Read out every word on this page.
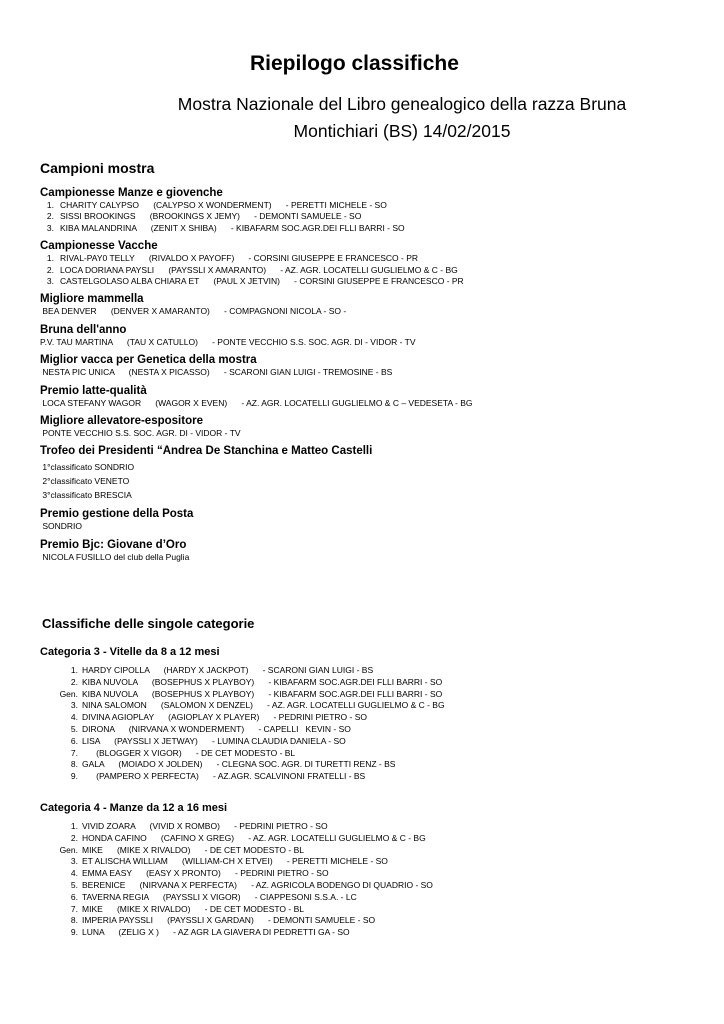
Riepilogo classifiche
Mostra Nazionale del Libro genealogico della razza Bruna
Montichiari (BS) 14/02/2015
Campioni mostra
Campionesse Manze e giovenche
1. CHARITY CALYPSO      (CALYPSO X WONDERMENT)      - PERETTI MICHELE - SO
2. SISSI BROOKINGS      (BROOKINGS X JEMY)      - DEMONTI SAMUELE - SO
3. KIBA MALANDRINA      (ZENIT X SHIBA)      - KIBAFARM SOC.AGR.DEI FLLI BARRI - SO
Campionesse Vacche
1. RIVAL-PAY0 TELLY      (RIVALDO X PAYOFF)      - CORSINI GIUSEPPE E FRANCESCO - PR
2. LOCA DORIANA PAYSLI      (PAYSSLI X AMARANTO)      - AZ. AGR. LOCATELLI GUGLIELMO & C - BG
3. CASTELGOLASO ALBA CHIARA ET      (PAUL X JETVIN)      - CORSINI GIUSEPPE E FRANCESCO - PR
Migliore mammella
BEA DENVER      (DENVER X AMARANTO)      - COMPAGNONI NICOLA - SO -
Bruna dell'anno
P.V. TAU MARTINA      (TAU X CATULLO)      - PONTE VECCHIO S.S. SOC. AGR. DI - VIDOR - TV
Miglior vacca per Genetica della mostra
NESTA PIC UNICA      (NESTA X PICASSO)      - SCARONI GIAN LUIGI - TREMOSINE - BS
Premio latte-qualità
LOCA STEFANY WAGOR      (WAGOR X EVEN)      - AZ. AGR. LOCATELLI GUGLIELMO & C – VEDESETA - BG
Migliore allevatore-espositore
PONTE VECCHIO S.S. SOC. AGR. DI - VIDOR - TV
Trofeo dei Presidenti “Andrea De Stanchina e Matteo Castelli
1°classificato SONDRIO
2°classificato VENETO
3°classificato BRESCIA
Premio gestione della Posta
SONDRIO
Premio Bjc: Giovane d’Oro
NICOLA FUSILLO del club della Puglia
Classifiche delle singole categorie
Categoria 3 - Vitelle da 8 a 12 mesi
1. HARDY CIPOLLA      (HARDY X JACKPOT)      - SCARONI GIAN LUIGI - BS
2. KIBA NUVOLA      (BOSEPHUS X PLAYBOY)      - KIBAFARM SOC.AGR.DEI FLLI BARRI - SO
Gen. KIBA NUVOLA      (BOSEPHUS X PLAYBOY)      - KIBAFARM SOC.AGR.DEI FLLI BARRI - SO
3. NINA SALOMON      (SALOMON X DENZEL)      - AZ. AGR. LOCATELLI GUGLIELMO & C - BG
4. DIVINA AGIOPLAY      (AGIOPLAY X PLAYER)      - PEDRINI PIETRO - SO
5. DIRONA      (NIRVANA X WONDERMENT)      - CAPELLI   KEVIN - SO
6. LISA      (PAYSSLI X JETWAY)      - LUMINA CLAUDIA DANIELA - SO
7.      (BLOGGER X VIGOR)      - DE CET MODESTO - BL
8. GALA      (MOIADO X JOLDEN)      - CLEGNA SOC. AGR. DI TURETTI RENZ - BS
9.      (PAMPERO X PERFECTA)      - AZ.AGR. SCALVINONI FRATELLI - BS
Categoria 4 - Manze da 12 a 16 mesi
1. VIVID ZOARA      (VIVID X ROMBO)      - PEDRINI PIETRO - SO
2. HONDA CAFINO      (CAFINO X GREG)      - AZ. AGR. LOCATELLI GUGLIELMO & C - BG
Gen. MIKE      (MIKE X RIVALDO)      - DE CET MODESTO - BL
3. ET ALISCHA WILLIAM      (WILLIAM-CH X ETVEI)      - PERETTI MICHELE - SO
4. EMMA EASY      (EASY X PRONTO)      - PEDRINI PIETRO - SO
5. BERENICE      (NIRVANA X PERFECTA)      - AZ. AGRICOLA BODENGO DI QUADRIO - SO
6. TAVERNA REGIA      (PAYSSLI X VIGOR)      - CIAPPESONI S.S.A. - LC
7. MIKE      (MIKE X RIVALDO)      - DE CET MODESTO - BL
8. IMPERIA PAYSSLI      (PAYSSLI X GARDAN)      - DEMONTI SAMUELE - SO
9. LUNA      (ZELIG X )      - AZ AGR LA GIAVERA DI PEDRETTI GA - SO
